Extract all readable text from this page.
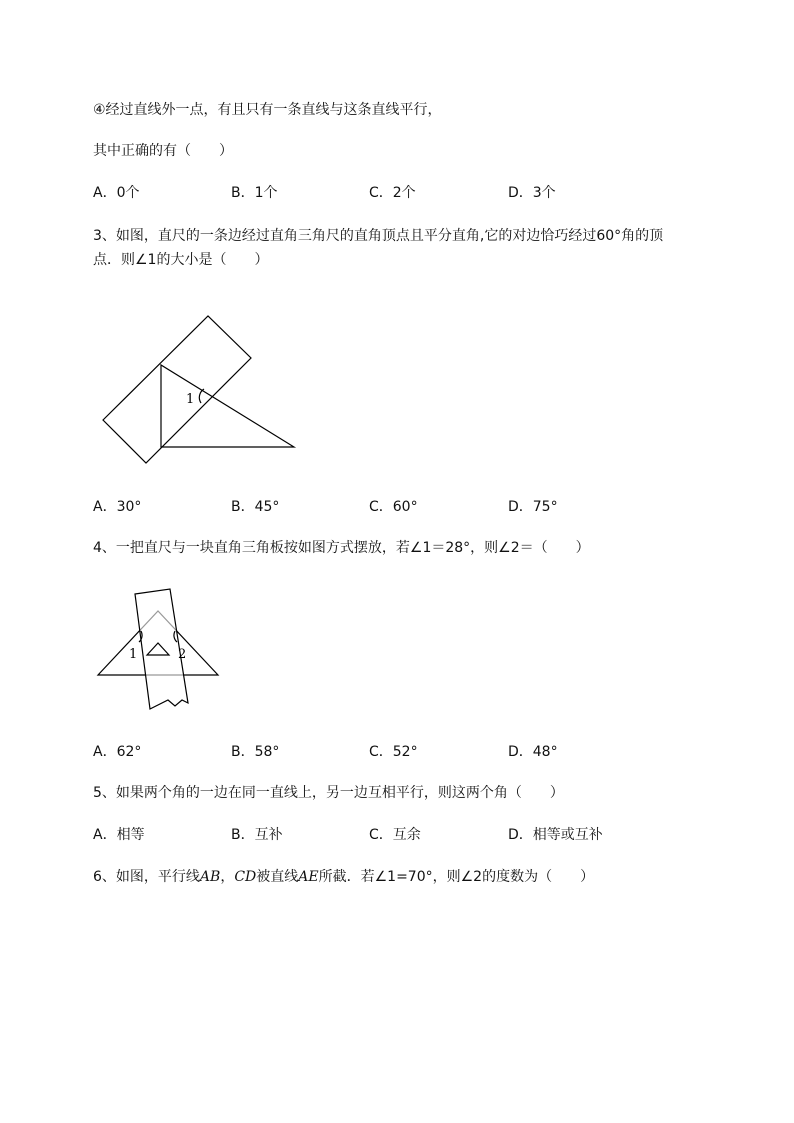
④经过直线外一点，有且只有一条直线与这条直线平行，
其中正确的有（　　）
A．0个	B．1个	C．2个	D．3个
3、如图，直尺的一条边经过直角三角尺的直角顶点且平分直角,它的对边恰巧经过60°角的顶
点．则∠1的大小是（　　）
1
A．30°	B．45°	C．60°	D．75°
4、一把直尺与一块直角三角板按如图方式摆放，若∠1＝28°，则∠2＝（　　）
1	2
A．62°	B．58°	C．52°	D．48°
5、如果两个角的一边在同一直线上，另一边互相平行，则这两个角（　　）
A．相等	B．互补	C．互余	D．相等或互补
6、如图，平行线AB，CD被直线AE所截．若∠1=70°，则∠2的度数为（　　）
